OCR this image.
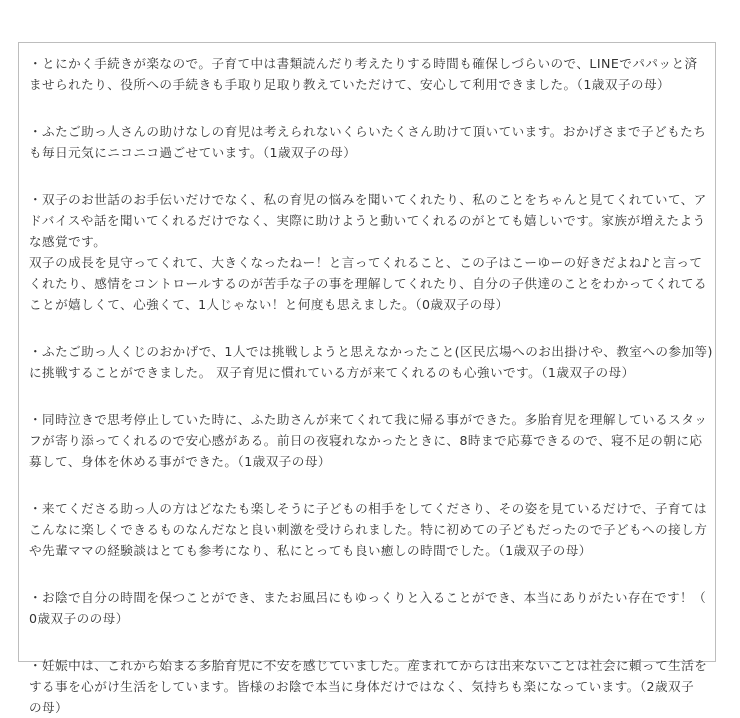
・とにかく手続きが楽なので。子育て中は書類読んだり考えたりする時間も確保しづらいので、LINEでパパッと済
ませられたり、役所への手続きも手取り足取り教えていただけて、安心して利用できました。（1歳双子の母）
・ふたご助っ人さんの助けなしの育児は考えられないくらいたくさん助けて頂いています。おかげさまで子どもたち
も毎日元気にニコニコ過ごせています。（1歳双子の母）
・双子のお世話のお手伝いだけでなく、私の育児の悩みを聞いてくれたり、私のことをちゃんと見てくれていて、ア
ドバイスや話を聞いてくれるだけでなく、実際に助けようと動いてくれるのがとても嬉しいです。家族が増えたよう
な感覚です。
双子の成長を見守ってくれて、大きくなったねー！と言ってくれること、この子はこーゆーの好きだよね♪と言って
くれたり、感情をコントロールするのが苦手な子の事を理解してくれたり、自分の子供達のことをわかってくれてる
ことが嬉しくて、心強くて、1人じゃない！と何度も思えました。（0歳双子の母）
・ふたご助っ人くじのおかげで、1人では挑戦しようと思えなかったこと(区民広場へのお出掛けや、教室への参加等)
に挑戦することができました。 双子育児に慣れている方が来てくれるのも心強いです。（1歳双子の母）
・同時泣きで思考停止していた時に、ふた助さんが来てくれて我に帰る事ができた。多胎育児を理解しているスタッ
フが寄り添ってくれるので安心感がある。前日の夜寝れなかったときに、8時まで応募できるので、寝不足の朝に応
募して、身体を休める事ができた。（1歳双子の母）
・来てくださる助っ人の方はどなたも楽しそうに子どもの相手をしてくださり、その姿を見ているだけで、子育ては
こんなに楽しくできるものなんだなと良い刺激を受けられました。特に初めての子どもだったので子どもへの接し方
や先輩ママの経験談はとても参考になり、私にとっても良い癒しの時間でした。（1歳双子の母）
・お陰で自分の時間を保つことができ、またお風呂にもゆっくりと入ることができ、本当にありがたい存在です！（
0歳双子のの母）
・妊娠中は、これから始まる多胎育児に不安を感じていました。産まれてからは出来ないことは社会に頼って生活を
する事を心がけ生活をしています。皆様のお陰で本当に身体だけではなく、気持ちも楽になっています。（2歳双子
の母）
